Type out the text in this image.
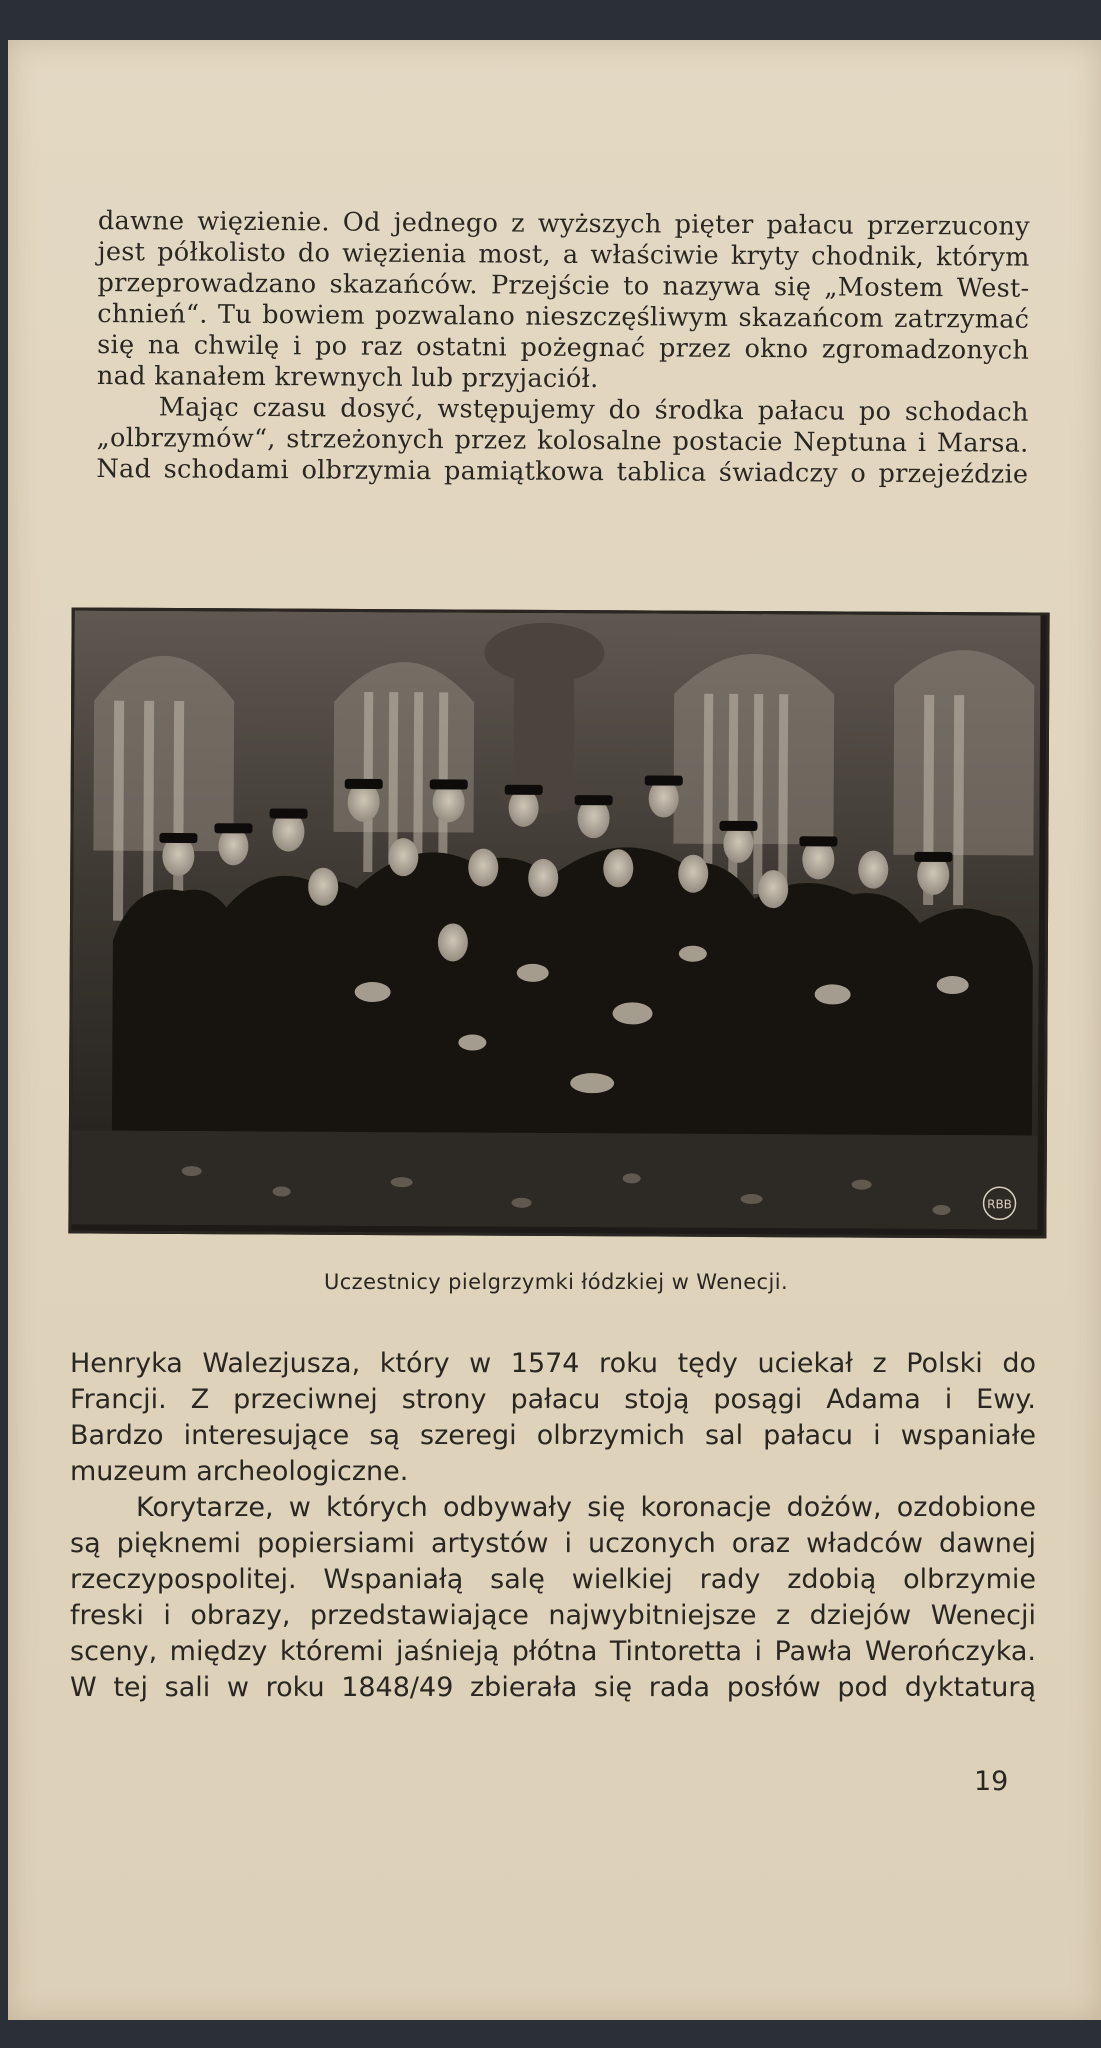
dawne więzienie. Od jednego z wyższych pięter pałacu przerzucony

jest półkolisto do więzienia most, a właściwie kryty chodnik, którym

przeprowadzano skazańców. Przejście to nazywa się „Mostem West-

chnień“. Tu bowiem pozwalano nieszczęśliwym skazańcom zatrzymać

się na chwilę i po raz ostatni pożegnać przez okno zgromadzonych

nad kanałem krewnych lub przyjaciół.

Mając czasu dosyć, wstępujemy do środka pałacu po schodach

„olbrzymów“, strzeżonych przez kolosalne postacie Neptuna i Marsa.

Nad schodami olbrzymia pamiątkowa tablica świadczy o przejeździe

RBB
Uczestnicy pielgrzymki łódzkiej w Wenecji.

Henryka Walezjusza, który w 1574 roku tędy uciekał z Polski do

Francji. Z przeciwnej strony pałacu stoją posągi Adama i Ewy.

Bardzo interesujące są szeregi olbrzymich sal pałacu i wspaniałe

muzeum archeologiczne.

Korytarze, w których odbywały się koronacje dożów, ozdobione

są pięknemi popiersiami artystów i uczonych oraz władców dawnej

rzeczypospolitej. Wspaniałą salę wielkiej rady zdobią olbrzymie

freski i obrazy, przedstawiające najwybitniejsze z dziejów Wenecji

sceny, między któremi jaśnieją płótna Tintoretta i Pawła Werończyka.

W tej sali w roku 1848/49 zbierała się rada posłów pod dyktaturą

19
